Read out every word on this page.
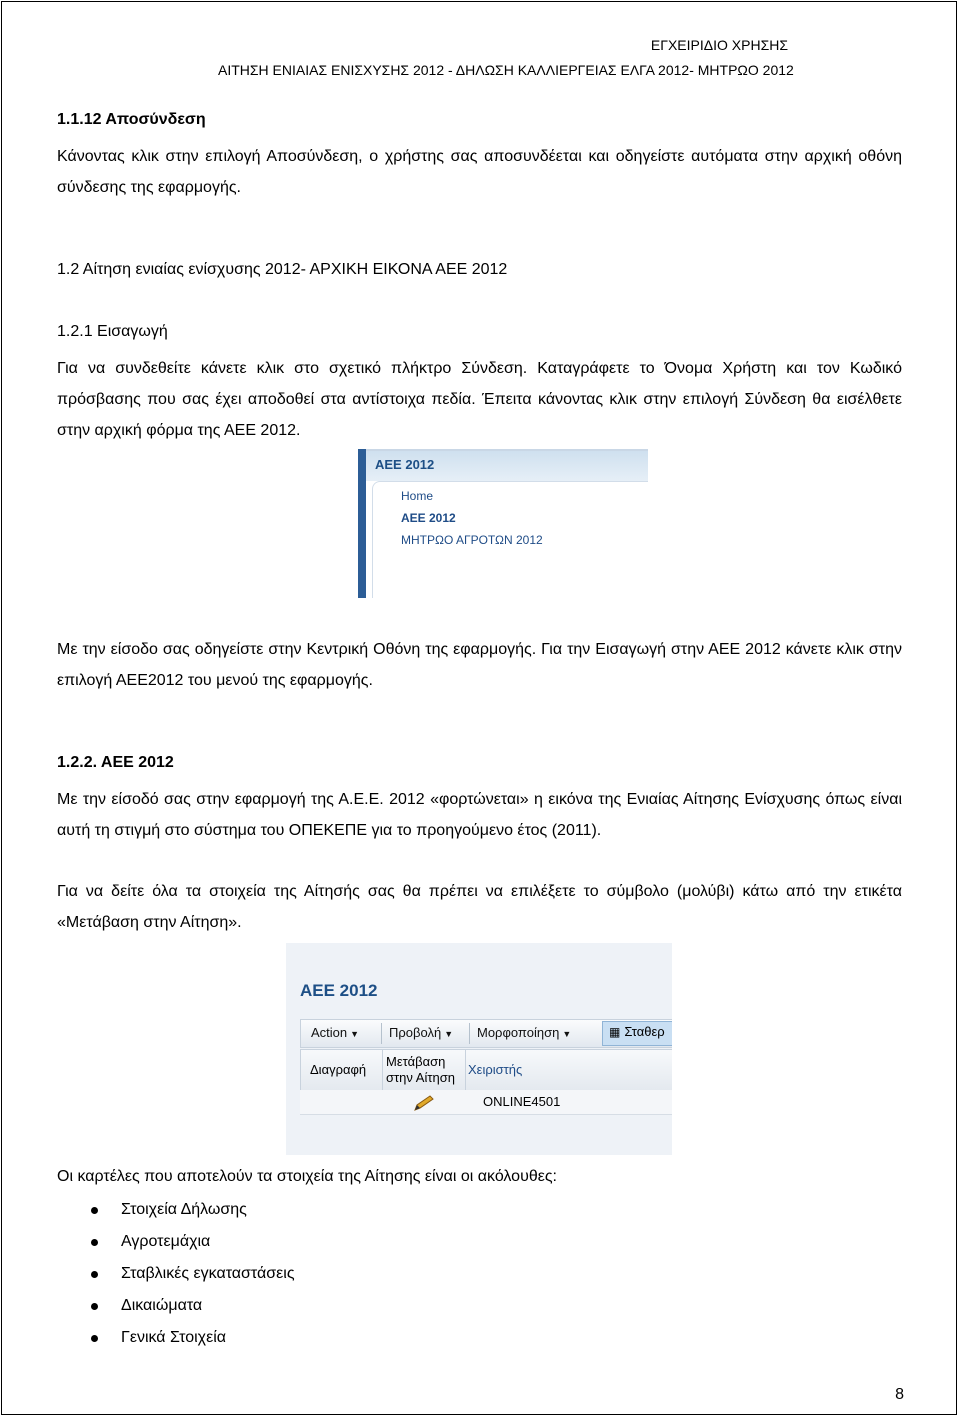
ΕΓΧΕΙΡΙΔΙΟ ΧΡΗΣΗΣ
ΑΙΤΗΣΗ ΕΝΙΑΙΑΣ ΕΝΙΣΧΥΣΗΣ 2012 - ΔΗΛΩΣΗ ΚΑΛΛΙΕΡΓΕΙΑΣ ΕΛΓΑ 2012- ΜΗΤΡΩΟ 2012
1.1.12 Αποσύνδεση
Κάνοντας κλικ στην επιλογή Αποσύνδεση, ο χρήστης σας αποσυνδέεται και οδηγείστε αυτόματα στην αρχική οθόνη σύνδεσης της εφαρμογής.
1.2 Αίτηση ενιαίας ενίσχυσης 2012- ΑΡΧΙΚΗ ΕΙΚΟΝΑ ΑΕΕ 2012
1.2.1 Εισαγωγή
Για να συνδεθείτε κάνετε κλικ στο σχετικό πλήκτρο Σύνδεση. Καταγράφετε το Όνομα Χρήστη και τον Κωδικό πρόσβασης που σας έχει αποδοθεί στα αντίστοιχα πεδία. Έπειτα κάνοντας κλικ στην επιλογή Σύνδεση θα εισέλθετε στην αρχική φόρμα της ΑΕΕ 2012.
ΑΕΕ 2012
Home
ΑΕΕ 2012
ΜΗΤΡΩΟ ΑΓΡΟΤΩΝ 2012
Με την είσοδο σας οδηγείστε στην Κεντρική Οθόνη της εφαρμογής. Για την Εισαγωγή στην ΑΕΕ 2012 κάνετε κλικ στην επιλογή ΑΕΕ2012 του μενού της εφαρμογής.
1.2.2. ΑΕΕ 2012
Με την είσοδό σας στην εφαρμογή της Α.Ε.Ε. 2012 «φορτώνεται» η εικόνα της Ενιαίας Αίτησης Ενίσχυσης όπως είναι αυτή τη στιγμή στο σύστημα του ΟΠΕΚΕΠΕ για το προηγούμενο έτος (2011).
Για να δείτε όλα τα στοιχεία της Αίτησής σας θα πρέπει να επιλέξετε το σύμβολο (μολύβι) κάτω από την ετικέτα «Μετάβαση στην Αίτηση».
ΑΕΕ 2012
Action ▼ Προβολή ▼ Μορφοποίηση ▼	▦ Σταθερ
Διαγραφή
Μετάβαση
στην Αίτηση
Χειριστής
ONLINE4501
Οι καρτέλες που αποτελούν τα στοιχεία της Αίτησης είναι οι ακόλουθες:
Στοιχεία Δήλωσης
Αγροτεμάχια
Σταβλικές εγκαταστάσεις
Δικαιώματα
Γενικά Στοιχεία
8
